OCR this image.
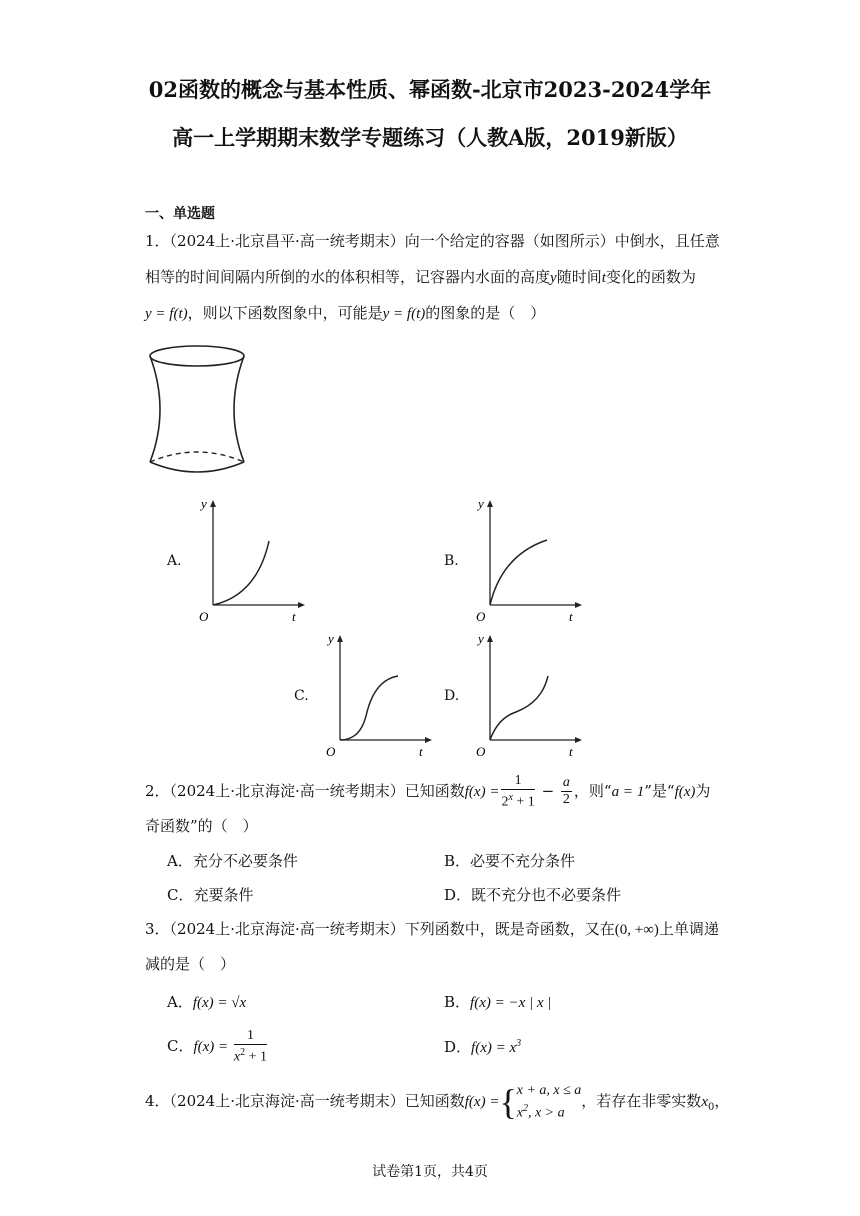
02函数的概念与基本性质、幂函数-北京市2023-2024学年
高一上学期期末数学专题练习（人教A版，2019新版）
一、单选题
1．（2024上·北京昌平·高一统考期末）向一个给定的容器（如图所示）中倒水，且任意
相等的时间间隔内所倒的水的体积相等，记容器内水面的高度y随时间t变化的函数为
y = f(t)，则以下函数图象中，可能是y = f(t)的图象的是（　）
A.
y
t
O
B.
y
t
O
C.
y
t
O
D.
y
t
O
2．（2024上·北京海淀·高一统考期末）已知函数$f(x) = \frac{1}{2^x + 1} - \frac{a}{2}$ ，则“a = 1”是“f(x)为
奇函数”的（　）
A．充分不必要条件	B．必要不充分条件
C．充要条件	D．既不充分也不必要条件
3．（2024上·北京海淀·高一统考期末）下列函数中，既是奇函数，又在(0, +∞)上单调递
减的是（　）
A．f(x) = √x	B．f(x) = −x | x |
C．$f(x) = \frac{1}{x^2 + 1}$	D．$f(x) = x^3$
4．（2024上·北京海淀·高一统考期末）已知函数f(x) ={ x + a, x ≤ a
$x^2$, x > a
，若存在非零实数$x_0$，
试卷第1页，共4页
